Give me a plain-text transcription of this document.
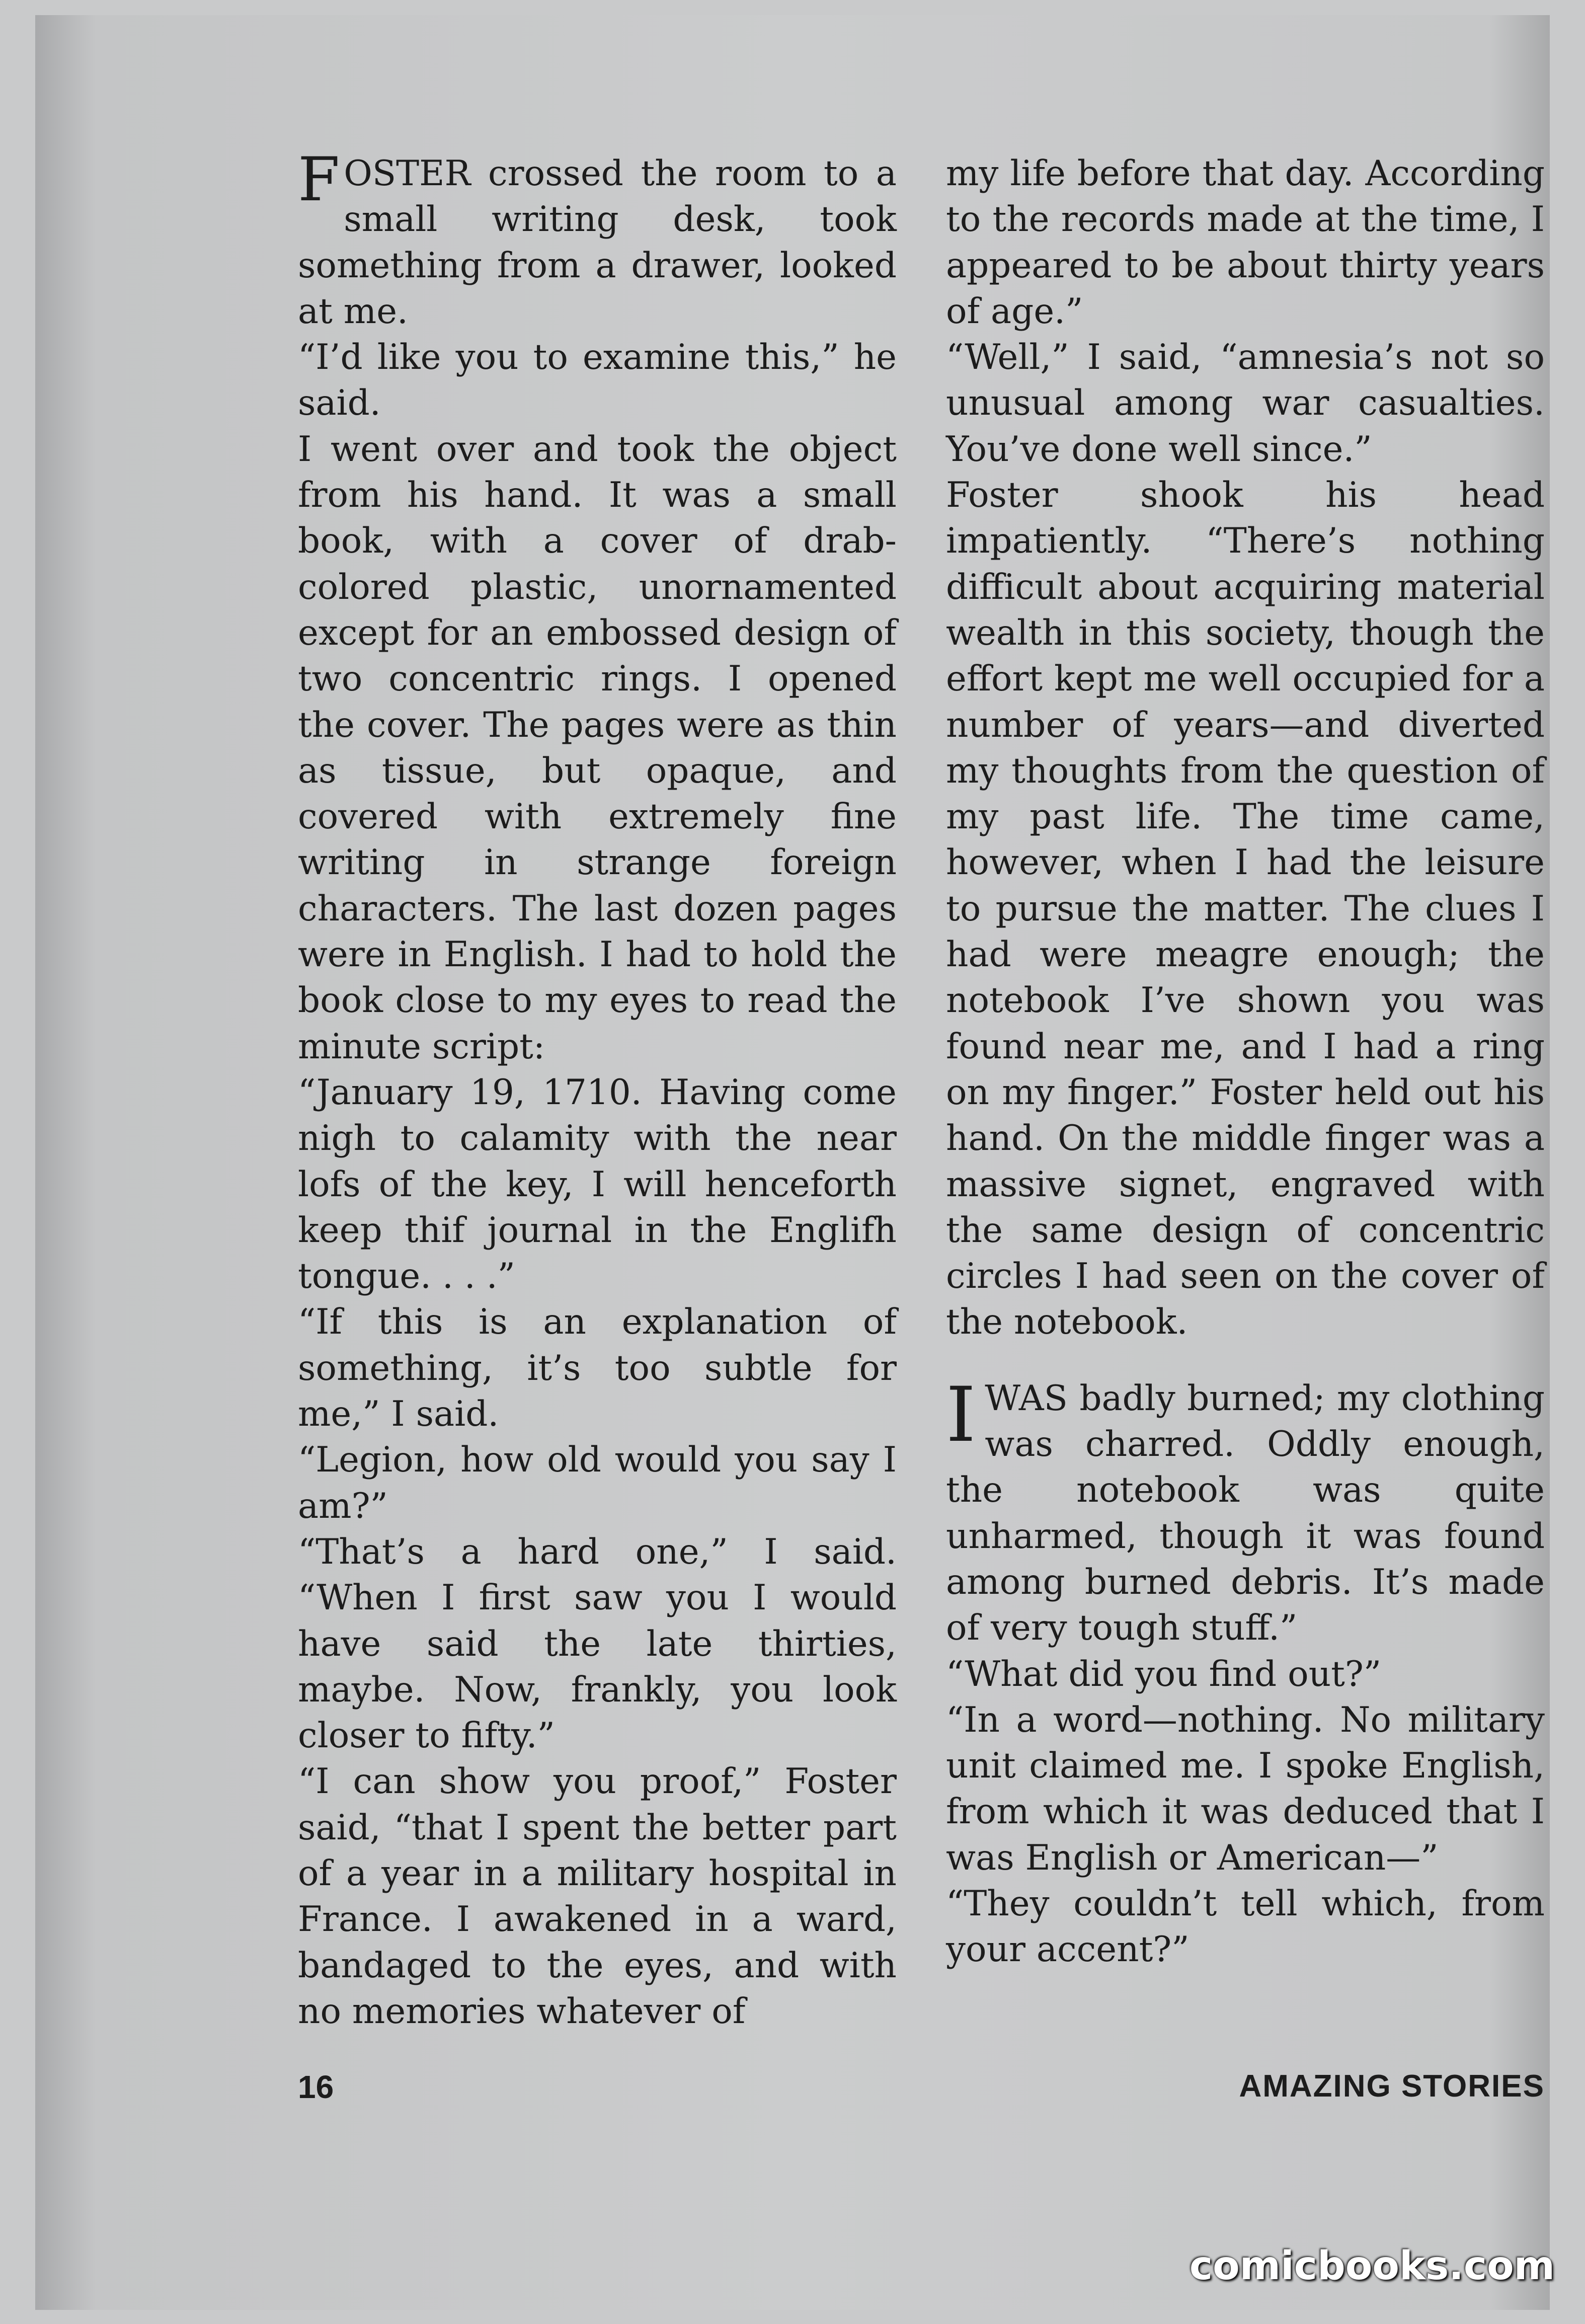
FOSTER crossed the room to a small writing desk, took something from a drawer, looked at me.

“I’d like you to examine this,” he said.

I went over and took the object from his hand. It was a small book, with a cover of drab-colored plastic, unornamented except for an embossed design of two concentric rings. I opened the cover. The pages were as thin as tissue, but opaque, and covered with extremely fine writing in strange foreign characters. The last dozen pages were in English. I had to hold the book close to my eyes to read the minute script:

“January 19, 1710. Having come nigh to calamity with the near lofs of the key, I will henceforth keep thif journal in the Englifh tongue. . . .”

“If this is an explanation of something, it’s too subtle for me,” I said.

“Legion, how old would you say I am?”

“That’s a hard one,” I said. “When I first saw you I would have said the late thirties, maybe. Now, frankly, you look closer to fifty.”

“I can show you proof,” Foster said, “that I spent the better part of a year in a military hospital in France. I awakened in a ward, bandaged to the eyes, and with no memories whatever of

my life before that day. According to the records made at the time, I appeared to be about thirty years of age.”

“Well,” I said, “amnesia’s not so unusual among war casualties. You’ve done well since.”

Foster shook his head impatiently. “There’s nothing difficult about acquiring material wealth in this society, though the effort kept me well occupied for a number of years—and diverted my thoughts from the question of my past life. The time came, however, when I had the leisure to pursue the matter. The clues I had were meagre enough; the notebook I’ve shown you was found near me, and I had a ring on my finger.” Foster held out his hand. On the middle finger was a massive signet, engraved with the same design of concentric circles I had seen on the cover of the notebook.

IWAS badly burned; my clothing was charred. Oddly enough, the notebook was quite unharmed, though it was found among burned debris. It’s made of very tough stuff.”

“What did you find out?”

“In a word—nothing. No military unit claimed me. I spoke English, from which it was deduced that I was English or American—”

“They couldn’t tell which, from your accent?”

16	AMAZING STORIES
comicbooks.com
